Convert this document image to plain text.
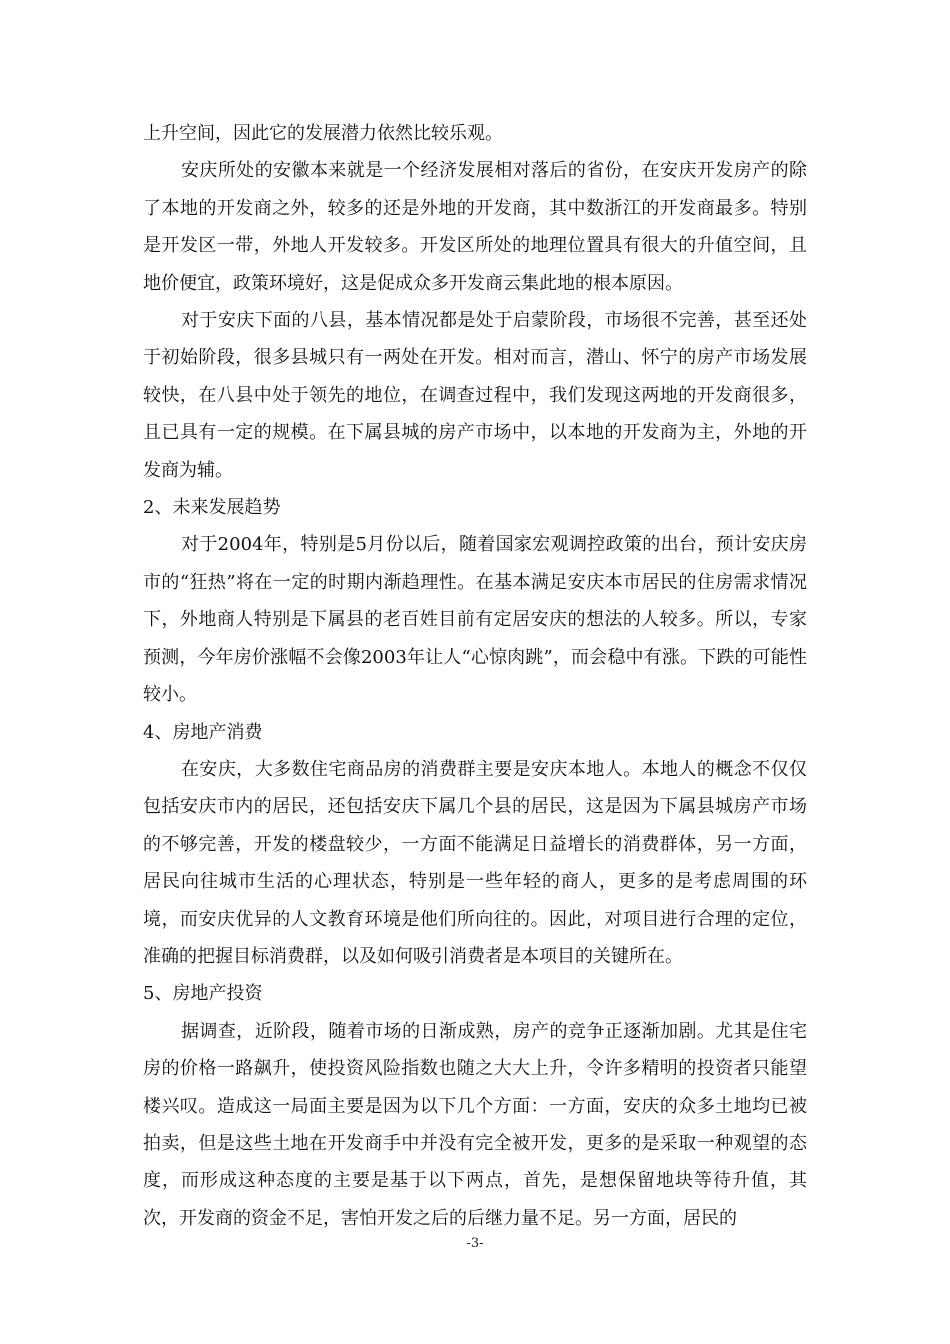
上升空间，因此它的发展潜力依然比较乐观。

安庆所处的安徽本来就是一个经济发展相对落后的省份，在安庆开发房产的除了本地的开发商之外，较多的还是外地的开发商，其中数浙江的开发商最多。特别是开发区一带，外地人开发较多。开发区所处的地理位置具有很大的升值空间，且地价便宜，政策环境好，这是促成众多开发商云集此地的根本原因。

对于安庆下面的八县，基本情况都是处于启蒙阶段，市场很不完善，甚至还处于初始阶段，很多县城只有一两处在开发。相对而言，潜山、怀宁的房产市场发展较快，在八县中处于领先的地位，在调查过程中，我们发现这两地的开发商很多，且已具有一定的规模。在下属县城的房产市场中，以本地的开发商为主，外地的开发商为辅。

2、未来发展趋势

对于2004年，特别是5月份以后，随着国家宏观调控政策的出台，预计安庆房市的“狂热”将在一定的时期内渐趋理性。在基本满足安庆本市居民的住房需求情况下，外地商人特别是下属县的老百姓目前有定居安庆的想法的人较多。所以，专家预测，今年房价涨幅不会像2003年让人“心惊肉跳”，而会稳中有涨。下跌的可能性较小。

4、房地产消费

在安庆，大多数住宅商品房的消费群主要是安庆本地人。本地人的概念不仅仅包括安庆市内的居民，还包括安庆下属几个县的居民，这是因为下属县城房产市场的不够完善，开发的楼盘较少，一方面不能满足日益增长的消费群体，另一方面，居民向往城市生活的心理状态，特别是一些年轻的商人，更多的是考虑周围的环境，而安庆优异的人文教育环境是他们所向往的。因此，对项目进行合理的定位，准确的把握目标消费群，以及如何吸引消费者是本项目的关键所在。

5、房地产投资

据调查，近阶段，随着市场的日渐成熟，房产的竞争正逐渐加剧。尤其是住宅房的价格一路飙升，使投资风险指数也随之大大上升，令许多精明的投资者只能望楼兴叹。造成这一局面主要是因为以下几个方面：一方面，安庆的众多土地均已被拍卖，但是这些土地在开发商手中并没有完全被开发，更多的是采取一种观望的态度，而形成这种态度的主要是基于以下两点，首先，是想保留地块等待升值，其次，开发商的资金不足，害怕开发之后的后继力量不足。另一方面，居民的

-3-
